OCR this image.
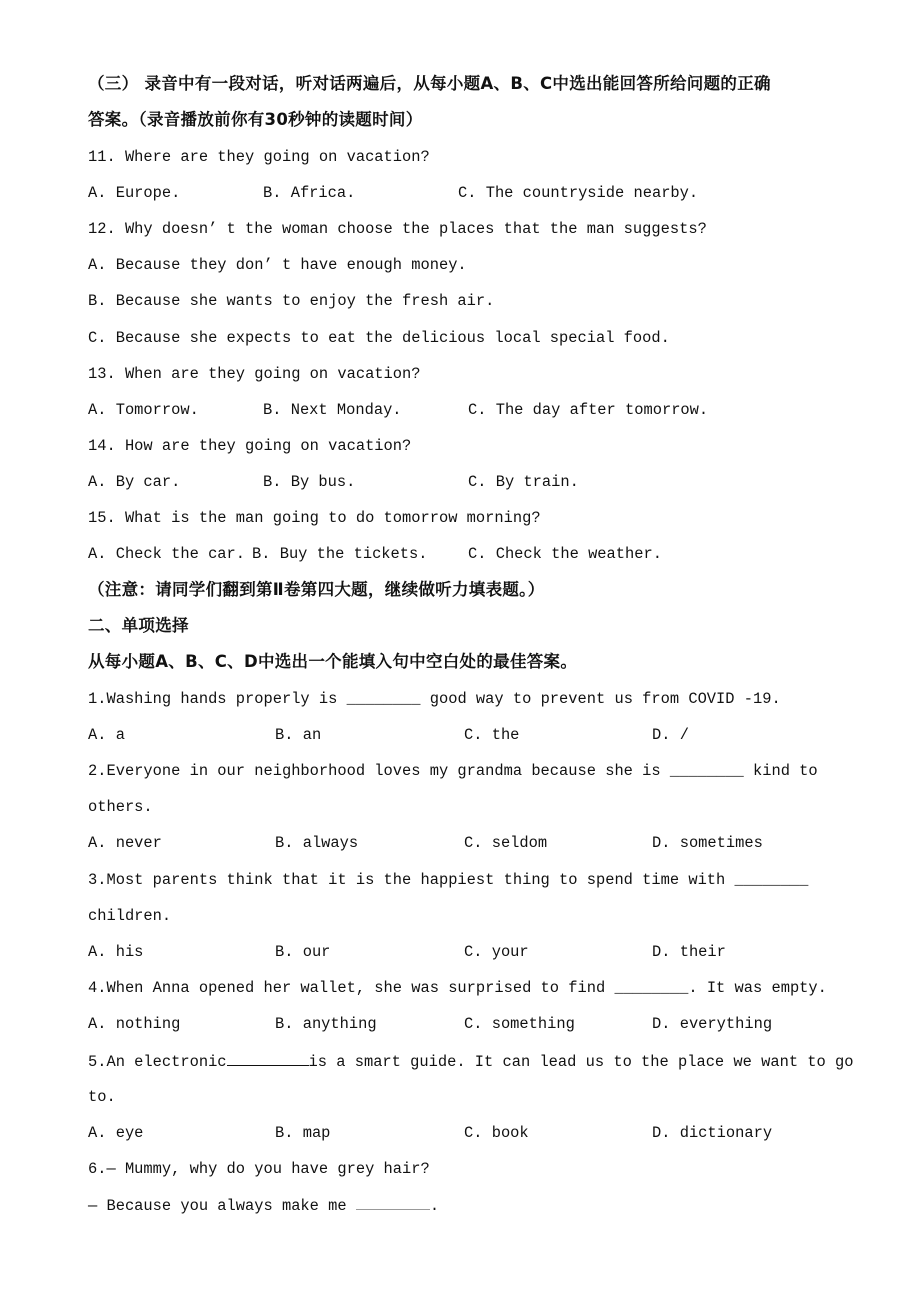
（三） 录音中有一段对话，听对话两遍后，从每小题A、B、C中选出能回答所给问题的正确
答案。（录音播放前你有30秒钟的读题时间）
11. Where are they going on vacation?

A. Europe.

	B. Africa.

	C. The countryside nearby.

12. Why doesn’ t the woman choose the places that the man suggests?
A. Because they don’ t have enough money.
B. Because she wants to enjoy the fresh air.
C. Because she expects to eat the delicious local special food.
13. When are they going on vacation?

A. Tomorrow.

	B. Next Monday.

	C. The day after tomorrow.

14. How are they going on vacation?

A. By car.

	B. By bus.

	C. By train.

15. What is the man going to do tomorrow morning?

A. Check the car.

B. Buy the tickets.

	C. Check the weather.

（注意：请同学们翻到第Ⅱ卷第四大题，继续做听力填表题。）
二、单项选择
从每小题A、B、C、D中选出一个能填入句中空白处的最佳答案。
1.Washing hands properly is ________ good way to prevent us from COVID -19.

A. a

	B. an

	C. the

	D. /

2.Everyone in our neighborhood loves my grandma because she is ________ kind to
others.

A. never

	B. always

	C. seldom

	D. sometimes

3.Most parents think that it is the happiest thing to spend time with ________
children.

A. his

	B. our

	C. your

	D. their

4.When Anna opened her wallet, she was surprised to find ________. It was empty.

A. nothing

	B. anything

	C. something

	D. everything

5.An electronic	is a smart guide. It can lead us to the place we want to go
to.

A. eye

	B. map

	C. book

	D. dictionary

6.— Mummy, why do you have grey hair?
— Because you always make me	.
